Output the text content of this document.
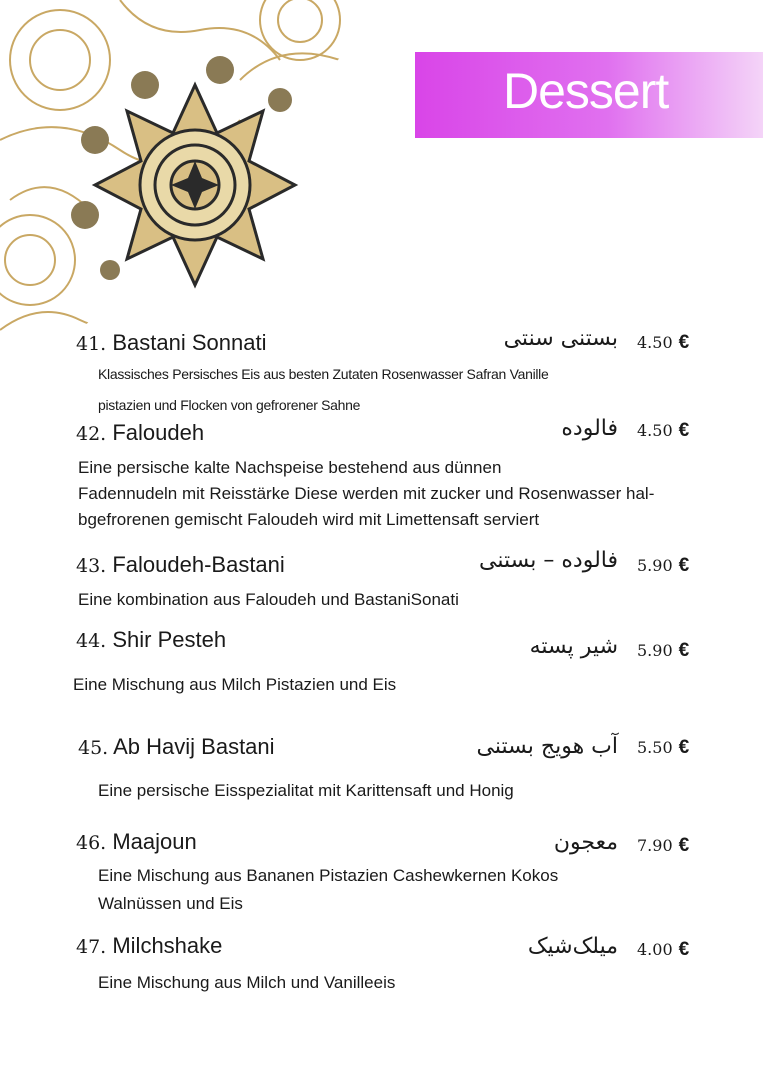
Dessert
41. Bastani Sonnati	بستنی سنتی 4.50 €
Klassisches Persisches Eis aus besten Zutaten Rosenwasser Safran Vanille
pistazien und Flocken von gefrorener Sahne
42. Faloudeh	فالوده 4.50 €
Eine persische kalte Nachspeise bestehend aus dünnen
Fadennudeln mit Reisstärke Diese werden mit zucker und Rosenwasser hal-
bgefrorenen gemischt Faloudeh wird mit Limettensaft serviert
43. Faloudeh-Bastani	فالوده – بستنی 5.90 €
Eine kombination aus Faloudeh und BastaniSonati
44. Shir Pesteh	شیر پسته 5.90 €
Eine Mischung aus Milch Pistazien und Eis
45. Ab Havij Bastani	آب هویج بستنی 5.50 €
Eine persische Eisspezialitat mit Karittensaft und Honig
46. Maajoun	معجون 7.90 €
Eine Mischung aus Bananen Pistazien Cashewkernen Kokos
Walnüssen und Eis
47. Milchshake	میلک‌شیک 4.00 €
Eine Mischung aus Milch und Vanilleeis
